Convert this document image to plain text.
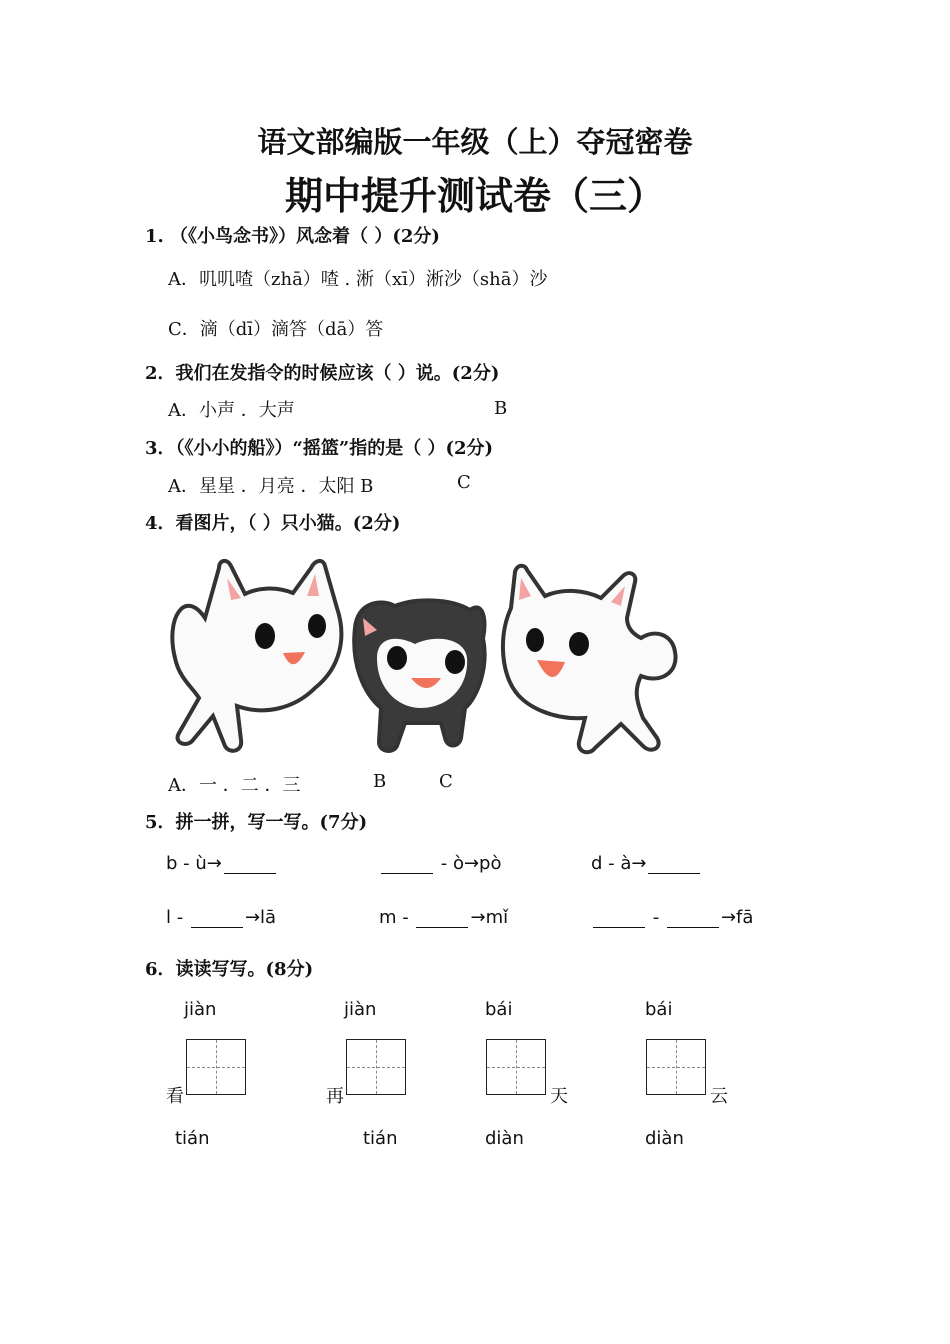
语文部编版一年级（上）夺冠密卷
期中提升测试卷（三）
1. （《小鸟念书》）风念着（ ）(2分)
A．叽叽喳（zhā）喳 . 淅（xī）淅沙（shā）沙
C．滴（dī）滴答（dā）答
2．我们在发指令的时候应该（ ）说。(2分)
A．小声 ．大声	B
3．（《小小的船》）“摇篮”指的是（ ）(2分)
A．星星 ．月亮 ．太阳 B	C
4．看图片，（ ）只小猫。(2分)
A．一 ．二 ．三	B	C
5．拼一拼，写一写。(7分)
b - ù→	- ò→pò	d - à→
l -	→lā	m -	→mǐ	-	→fā
6．读读写写。(8分)
jiàn	jiàn	bái	bái
看	再	天	云
tián	tián	diàn	diàn
